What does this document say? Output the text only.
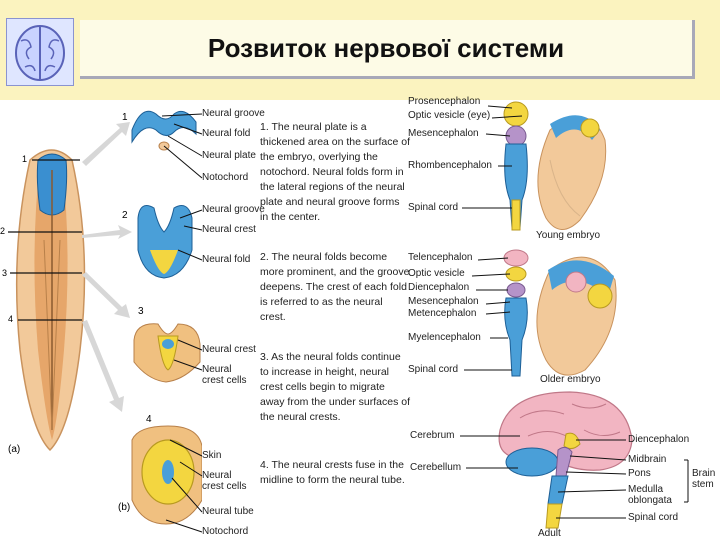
Розвиток нервової системи
1
2
3
4
(a)
1
2
3
4
(b)
Neural groove
Neural fold
Neural plate
Notochord
Neural groove
Neural crest
Neural fold
Neural crest
Neural crest cells
Skin
Neural crest cells
Neural tube
Notochord
1. The neural plate is a thickened area on the surface of the embryo, overlying the notochord. Neural folds form in the lateral regions of the neural plate and neural groove forms in the center.
2. The neural folds become more prominent, and the groove deepens. The crest of each fold is referred to as the neural crest.
3. As the neural folds continue to increase in height, neural crest cells begin to migrate away from the under surfaces of the neural crests.
4. The neural crests fuse in the midline to form the neural tube.
Prosencephalon
Optic vesicle (eye)
Mesencephalon
Rhombencephalon
Spinal cord
Young embryo
Telencephalon
Optic vesicle
Diencephalon
Mesencephalon
Metencephalon
Myelencephalon
Spinal cord
Older embryo
Cerebrum
Cerebellum
Diencephalon
Midbrain
Pons
Medulla oblongata
Spinal cord
Brain stem
Adult
